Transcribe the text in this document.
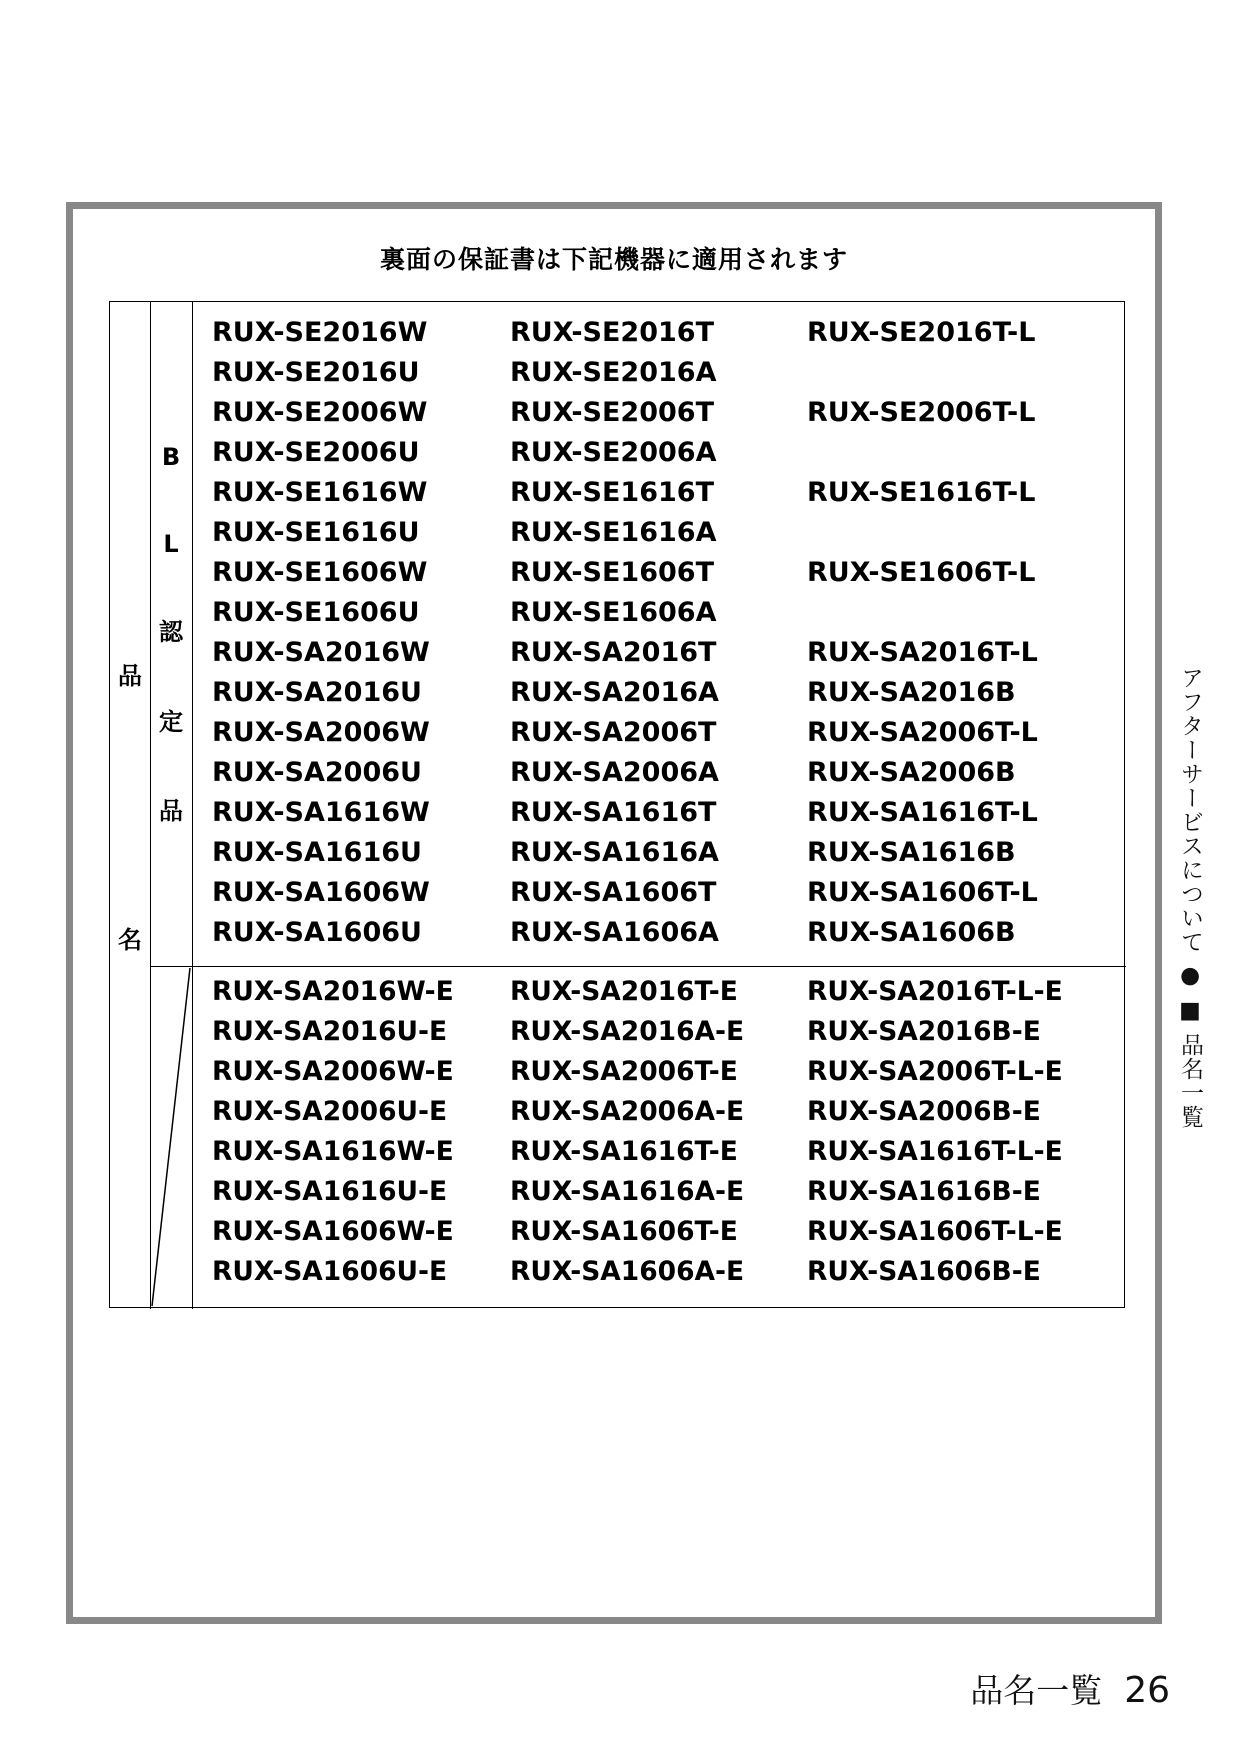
裏面の保証書は下記機器に適用されます
品
名
B
L
認
定
品
RUX-SE2016W	RUX-SE2016T	RUX-SE2016T-L
RUX-SE2016U	RUX-SE2016A
RUX-SE2006W	RUX-SE2006T	RUX-SE2006T-L
RUX-SE2006U	RUX-SE2006A
RUX-SE1616W	RUX-SE1616T	RUX-SE1616T-L
RUX-SE1616U	RUX-SE1616A
RUX-SE1606W	RUX-SE1606T	RUX-SE1606T-L
RUX-SE1606U	RUX-SE1606A
RUX-SA2016W	RUX-SA2016T	RUX-SA2016T-L
RUX-SA2016U	RUX-SA2016A	RUX-SA2016B
RUX-SA2006W	RUX-SA2006T	RUX-SA2006T-L
RUX-SA2006U	RUX-SA2006A	RUX-SA2006B
RUX-SA1616W	RUX-SA1616T	RUX-SA1616T-L
RUX-SA1616U	RUX-SA1616A	RUX-SA1616B
RUX-SA1606W	RUX-SA1606T	RUX-SA1606T-L
RUX-SA1606U	RUX-SA1606A	RUX-SA1606B
RUX-SA2016W-E	RUX-SA2016T-E	RUX-SA2016T-L-E
RUX-SA2016U-E	RUX-SA2016A-E	RUX-SA2016B-E
RUX-SA2006W-E	RUX-SA2006T-E	RUX-SA2006T-L-E
RUX-SA2006U-E	RUX-SA2006A-E	RUX-SA2006B-E
RUX-SA1616W-E	RUX-SA1616T-E	RUX-SA1616T-L-E
RUX-SA1616U-E	RUX-SA1616A-E	RUX-SA1616B-E
RUX-SA1606W-E	RUX-SA1606T-E	RUX-SA1606T-L-E
RUX-SA1606U-E	RUX-SA1606A-E	RUX-SA1606B-E
アフターサービスについて ● ■ 品名一覧
品名一覧 26
